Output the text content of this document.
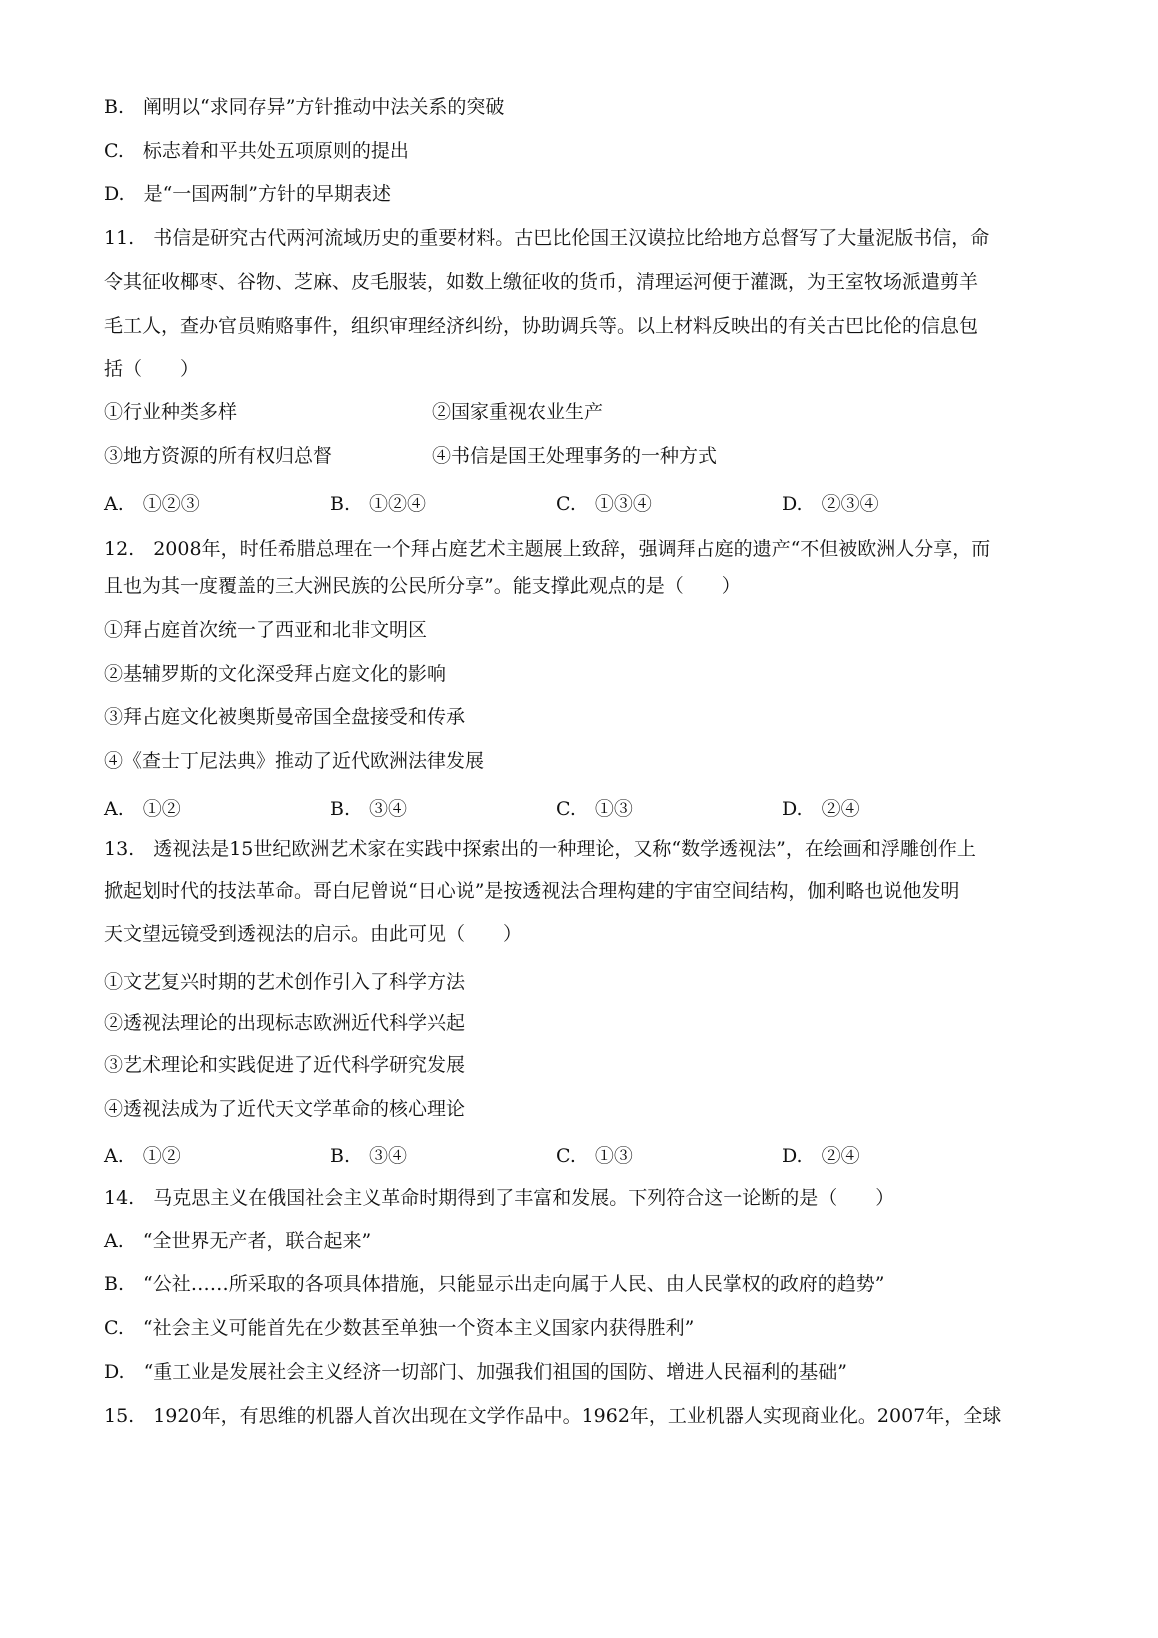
B.　阐明以“求同存异”方针推动中法关系的突破
C.　标志着和平共处五项原则的提出
D.　是“一国两制”方针的早期表述
11.　书信是研究古代两河流域历史的重要材料。古巴比伦国王汉谟拉比给地方总督写了大量泥版书信，命
令其征收椰枣、谷物、芝麻、皮毛服装，如数上缴征收的货币，清理运河便于灌溉，为王室牧场派遣剪羊
毛工人，查办官员贿赂事件，组织审理经济纠纷，协助调兵等。以上材料反映出的有关古巴比伦的信息包
括（　　）
①行业种类多样	②国家重视农业生产
③地方资源的所有权归总督	④书信是国王处理事务的一种方式
A.　①②③	B.　①②④	C.　①③④	D.　②③④
12.　2008年，时任希腊总理在一个拜占庭艺术主题展上致辞，强调拜占庭的遗产“不但被欧洲人分享，而
且也为其一度覆盖的三大洲民族的公民所分享”。能支撑此观点的是（　　）
①拜占庭首次统一了西亚和北非文明区
②基辅罗斯的文化深受拜占庭文化的影响
③拜占庭文化被奥斯曼帝国全盘接受和传承
④《查士丁尼法典》推动了近代欧洲法律发展
A.　①②	B.　③④	C.　①③	D.　②④
13.　透视法是15世纪欧洲艺术家在实践中探索出的一种理论，又称“数学透视法”，在绘画和浮雕创作上
掀起划时代的技法革命。哥白尼曾说“日心说”是按透视法合理构建的宇宙空间结构，伽利略也说他发明
天文望远镜受到透视法的启示。由此可见（　　）
①文艺复兴时期的艺术创作引入了科学方法
②透视法理论的出现标志欧洲近代科学兴起
③艺术理论和实践促进了近代科学研究发展
④透视法成为了近代天文学革命的核心理论
A.　①②	B.　③④	C.　①③	D.　②④
14.　马克思主义在俄国社会主义革命时期得到了丰富和发展。下列符合这一论断的是（　　）
A.　“全世界无产者，联合起来”
B.　“公社……所采取的各项具体措施，只能显示出走向属于人民、由人民掌权的政府的趋势”
C.　“社会主义可能首先在少数甚至单独一个资本主义国家内获得胜利”
D.　“重工业是发展社会主义经济一切部门、加强我们祖国的国防、增进人民福利的基础”
15.　1920年，有思维的机器人首次出现在文学作品中。1962年，工业机器人实现商业化。2007年，全球
